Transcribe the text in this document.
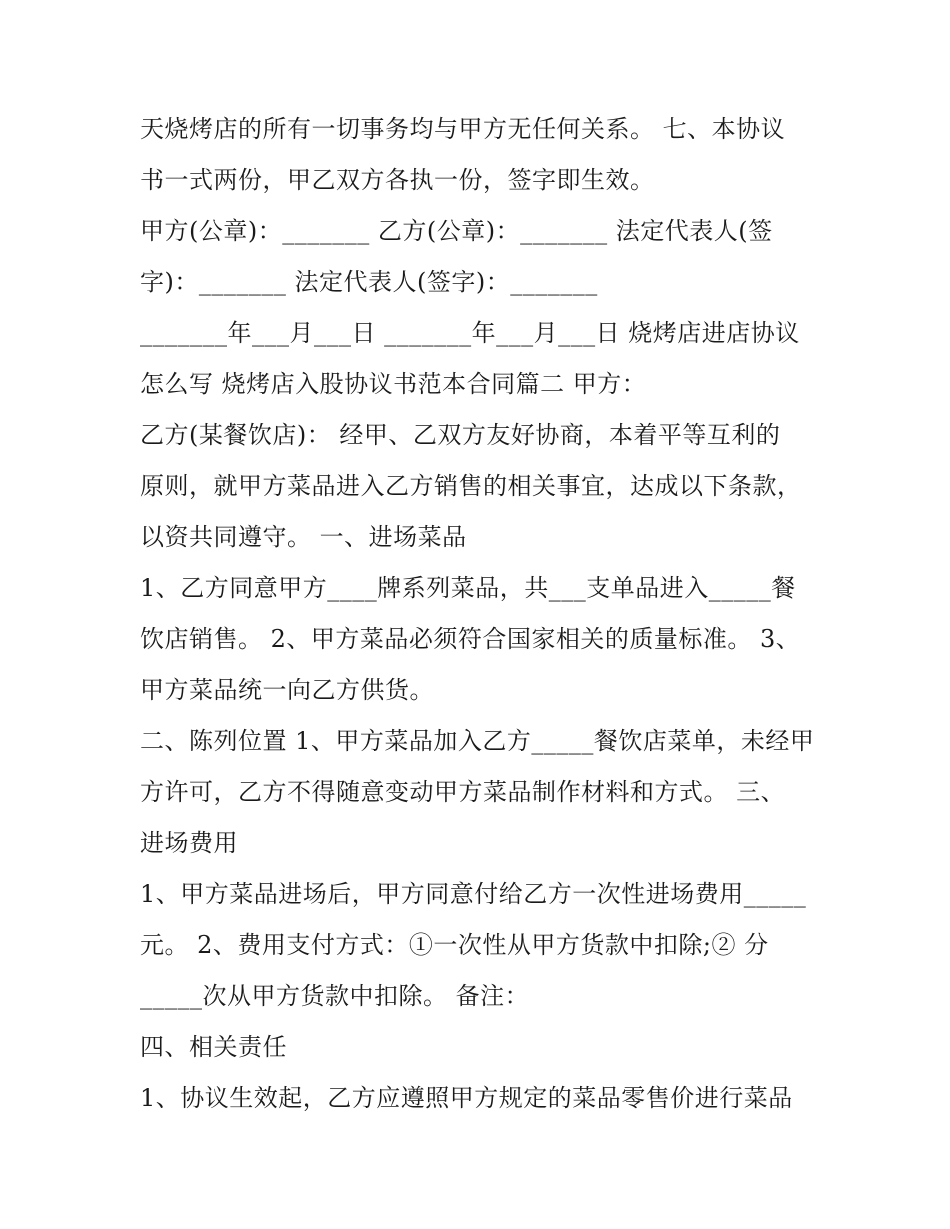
天烧烤店的所有一切事务均与甲方无任何关系。 七、本协议
书一式两份，甲乙双方各执一份，签字即生效。
甲方(公章)：_______ 乙方(公章)：_______ 法定代表人(签
字)：_______ 法定代表人(签字)：_______
_______年___月___日 _______年___月___日 烧烤店进店协议
怎么写 烧烤店入股协议书范本合同篇二 甲方：
乙方(某餐饮店)： 经甲、乙双方友好协商，本着平等互利的
原则，就甲方菜品进入乙方销售的相关事宜，达成以下条款，
以资共同遵守。 一、进场菜品
1、乙方同意甲方____牌系列菜品，共___支单品进入_____餐
饮店销售。 2、甲方菜品必须符合国家相关的质量标准。 3、
甲方菜品统一向乙方供货。
二、陈列位置 1、甲方菜品加入乙方_____餐饮店菜单，未经甲
方许可，乙方不得随意变动甲方菜品制作材料和方式。 三、
进场费用
1、甲方菜品进场后，甲方同意付给乙方一次性进场费用_____
元。 2、费用支付方式：①一次性从甲方货款中扣除;② 分
_____次从甲方货款中扣除。 备注：
四、相关责任
1、协议生效起，乙方应遵照甲方规定的菜品零售价进行菜品
